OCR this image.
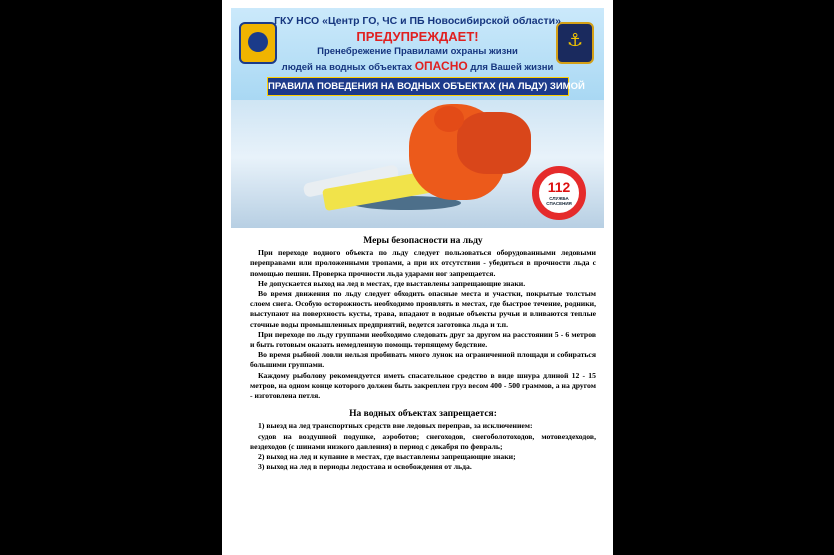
⚓
ГКУ НСО «Центр ГО, ЧС и ПБ Новосибирской области»
ПРЕДУПРЕЖДАЕТ!
Пренебрежение Правилами охраны жизни
людей на водных объектах ОПАСНО для Вашей жизни
ПРАВИЛА ПОВЕДЕНИЯ НА ВОДНЫХ ОБЪЕКТАХ (НА ЛЬДУ) ЗИМОЙ
112
СЛУЖБА
СПАСЕНИЯ

Меры безопасности на льду

При переходе водного объекта по льду следует пользоваться оборудованными ледовыми переправами или проложенными тропами, а при их отсутствии - убедиться в прочности льда с помощью пешни. Проверка прочности льда ударами ног запрещается.

Не допускается выход на лед в местах, где выставлены запрещающие знаки.

Во время движения по льду следует обходить опасные места и участки, покрытые толстым слоем снега. Особую осторожность необходимо проявлять в местах, где быстрое течение, родники, выступают на поверхность кусты, трава, впадают в водные объекты ручьи и вливаются теплые сточные воды промышленных предприятий, ведется заготовка льда и т.п.

При переходе по льду группами необходимо следовать друг за другом на расстоянии 5 - 6 метров и быть готовым оказать немедленную помощь терпящему бедствие.

Во время рыбной ловли нельзя пробивать много лунок на ограниченной площади и собираться большими группами.

Каждому рыболову рекомендуется иметь спасательное средство в виде шнура длиной 12 - 15 метров, на одном конце которого должен быть закреплен груз весом 400 - 500 граммов, а на другом - изготовлена петля.

На водных объектах запрещается:

1) выезд на лед транспортных средств вне ледовых переправ, за исключением:

судов на воздушной подушке, аэроботов; снегоходов, снегоболотоходов, мотовездеходов, вездеходов (с шинами низкого давления) в период с декабря по февраль;

2) выход на лед и купание в местах, где выставлены запрещающие знаки;

3) выход на лед в периоды ледостава и освобождения от льда.
